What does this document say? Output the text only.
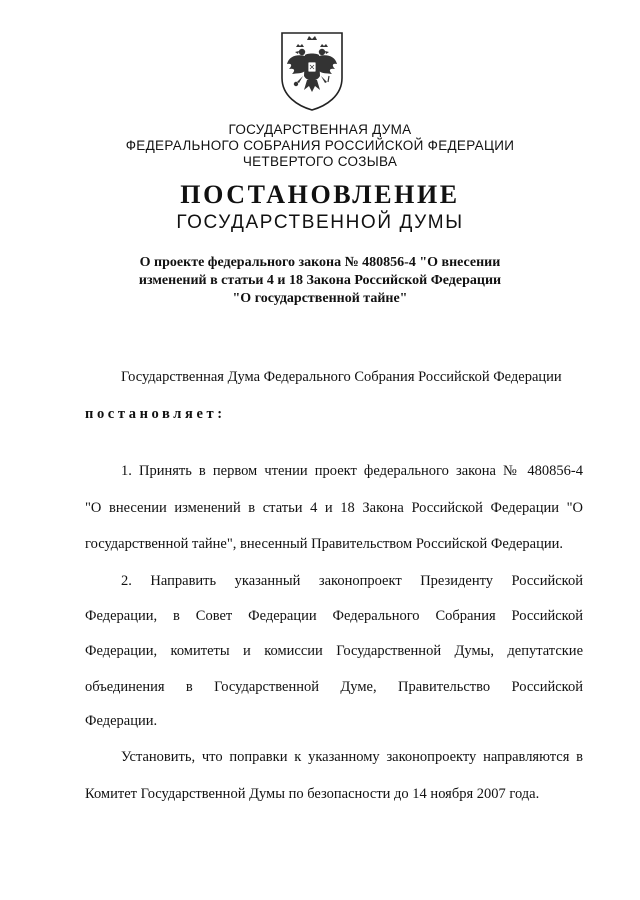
ГОСУДАРСТВЕННАЯ ДУМА
ФЕДЕРАЛЬНОГО СОБРАНИЯ РОССИЙСКОЙ ФЕДЕРАЦИИ
ЧЕТВЕРТОГО СОЗЫВА
ПОСТАНОВЛЕНИЕ
ГОСУДАРСТВЕННОЙ ДУМЫ
О проекте федерального закона № 480856-4 "О внесении
изменений в статьи 4 и 18 Закона Российской Федерации
"О государственной тайне"
Государственная Дума Федерального Собрания Российской Федерации
постановляет:
1. Принять в первом чтении проект федерального закона № 480856-4
"О внесении изменений в статьи 4 и 18 Закона Российской Федерации "О
государственной тайне", внесенный Правительством Российской Федерации.
2. Направить указанный законопроект Президенту Российской
Федерации, в Совет Федерации Федерального Собрания Российской
Федерации, комитеты и комиссии Государственной Думы, депутатские
объединения в Государственной Думе, Правительство Российской
Федерации.
Установить, что поправки к указанному законопроекту направляются в
Комитет Государственной Думы по безопасности до 14 ноября 2007 года.
